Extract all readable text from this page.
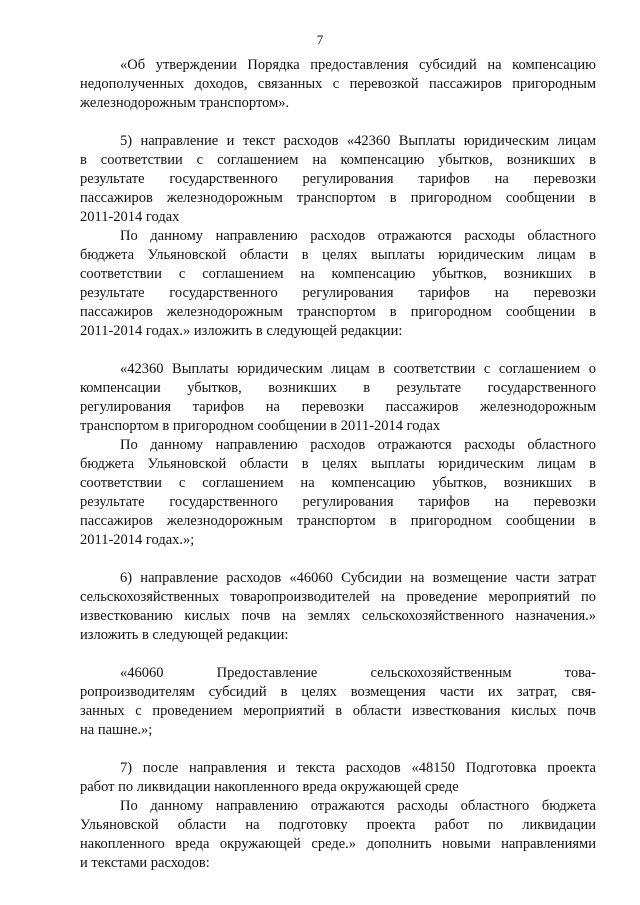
7
«Об утверждении Порядка предоставления субсидий на компенсацию
недополученных доходов, связанных с перевозкой пассажиров пригородным
железнодорожным транспортом».
5) направление и текст расходов «42360 Выплаты юридическим лицам
в соответствии с соглашением на компенсацию убытков, возникших в
результате государственного регулирования тарифов на перевозки
пассажиров железнодорожным транспортом в пригородном сообщении в
2011-2014 годах
По данному направлению расходов отражаются расходы областного
бюджета Ульяновской области в целях выплаты юридическим лицам в
соответствии с соглашением на компенсацию убытков, возникших в
результате государственного регулирования тарифов на перевозки
пассажиров железнодорожным транспортом в пригородном сообщении в
2011-2014 годах.» изложить в следующей редакции:
«42360 Выплаты юридическим лицам в соответствии с соглашением о
компенсации убытков, возникших в результате государственного
регулирования тарифов на перевозки пассажиров железнодорожным
транспортом в пригородном сообщении в 2011-2014 годах
По данному направлению расходов отражаются расходы областного
бюджета Ульяновской области в целях выплаты юридическим лицам в
соответствии с соглашением на компенсацию убытков, возникших в
результате государственного регулирования тарифов на перевозки
пассажиров железнодорожным транспортом в пригородном сообщении в
2011-2014 годах.»;
6) направление расходов «46060 Субсидии на возмещение части затрат
сельскохозяйственных товаропроизводителей на проведение мероприятий по
известкованию кислых почв на землях сельскохозяйственного назначения.»
изложить в следующей редакции:
«46060 Предоставление сельскохозяйственным това-
ропроизводителям субсидий в целях возмещения части их затрат, свя-
занных с проведением мероприятий в области известкования кислых почв
на пашне.»;
7) после направления и текста расходов «48150 Подготовка проекта
работ по ликвидации накопленного вреда окружающей среде
По данному направлению отражаются расходы областного бюджета
Ульяновской области на подготовку проекта работ по ликвидации
накопленного вреда окружающей среде.» дополнить новыми направлениями
и текстами расходов:
